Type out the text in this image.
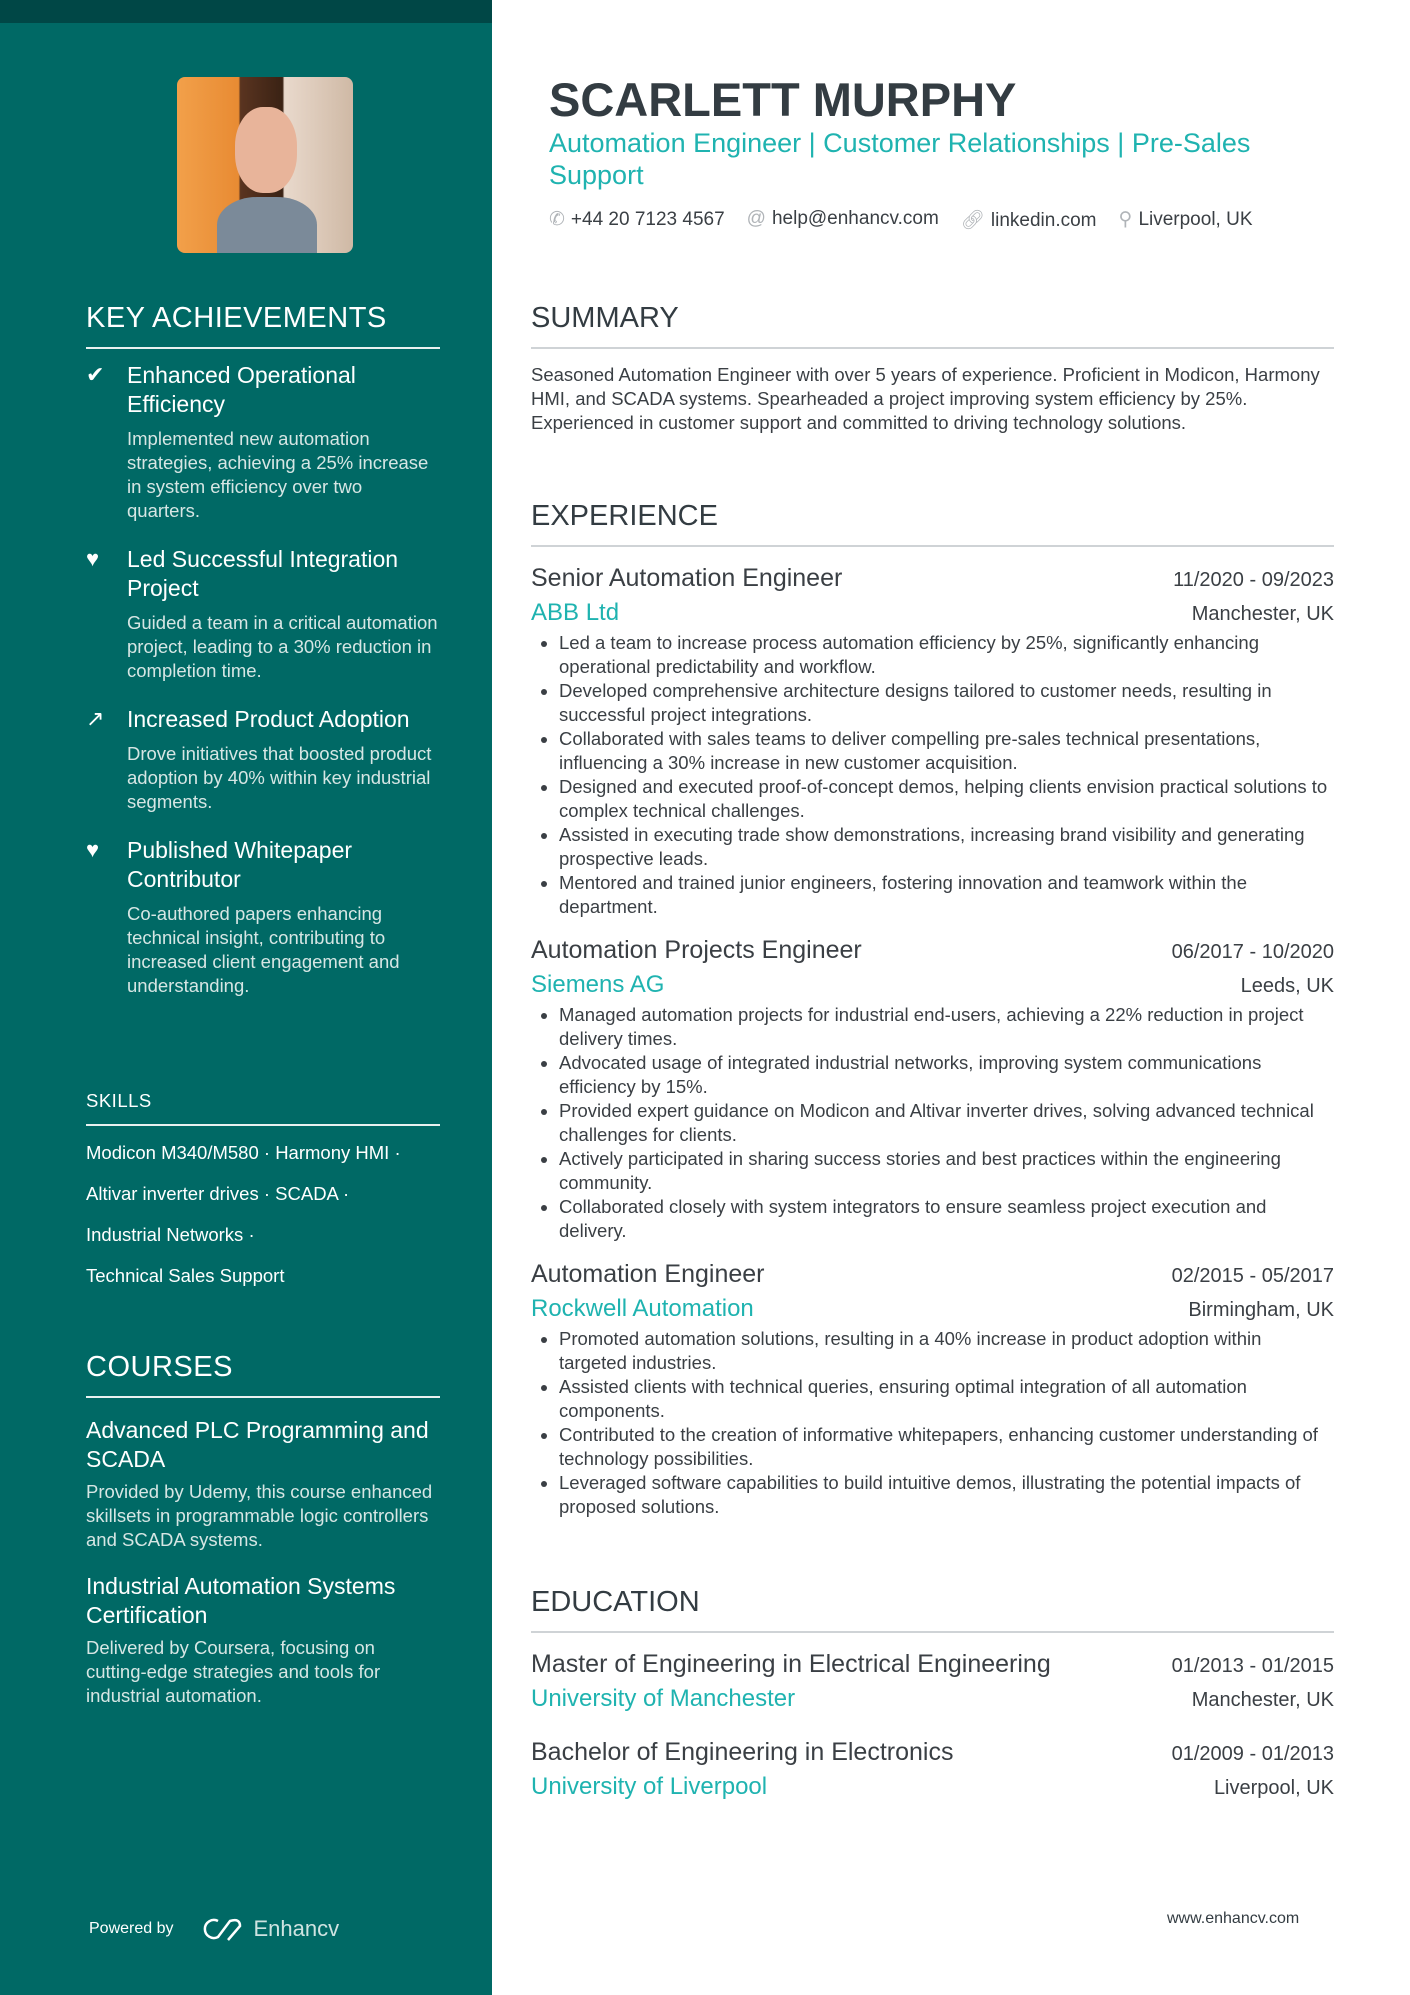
KEY ACHIEVEMENTS
✔ Enhanced Operational Efficiency
Implemented new automation strategies, achieving a 25% increase in system efficiency over two quarters.
♥	Led Successful Integration Project
Guided a team in a critical automation project, leading to a 30% reduction in completion time.
↗ Increased Product Adoption
Drove initiatives that boosted product adoption by 40% within key industrial segments.
♥	Published Whitepaper Contributor
Co-authored papers enhancing technical insight, contributing to increased client engagement and understanding.
SKILLS
Modicon M340/M580 · Harmony HMI ·
Altivar inverter drives · SCADA ·
Industrial Networks ·
Technical Sales Support
COURSES
Advanced PLC Programming and SCADA
Provided by Udemy, this course enhanced skillsets in programmable logic controllers and SCADA systems.
Industrial Automation Systems Certification
Delivered by Coursera, focusing on cutting-edge strategies and tools for industrial automation.
Powered by	Enhancv
SCARLETT MURPHY
Automation Engineer | Customer Relationships | Pre-Sales Support
✆ +44 20 7123 4567 @ help@enhancv.com 🔗︎ linkedin.com ⚲ Liverpool, UK
SUMMARY
Seasoned Automation Engineer with over 5 years of experience. Proficient in Modicon, Harmony HMI, and SCADA systems. Spearheaded a project improving system efficiency by 25%. Experienced in customer support and committed to driving technology solutions.
EXPERIENCE
Senior Automation Engineer	11/2020 - 09/2023
ABB Ltd	Manchester, UK
• Led a team to increase process automation efficiency by 25%, significantly enhancing operational predictability and workflow.
• Developed comprehensive architecture designs tailored to customer needs, resulting in successful project integrations.
• Collaborated with sales teams to deliver compelling pre-sales technical presentations, influencing a 30% increase in new customer acquisition.
• Designed and executed proof-of-concept demos, helping clients envision practical solutions to complex technical challenges.
• Assisted in executing trade show demonstrations, increasing brand visibility and generating prospective leads.
• Mentored and trained junior engineers, fostering innovation and teamwork within the department.
Automation Projects Engineer	06/2017 - 10/2020
Siemens AG	Leeds, UK
• Managed automation projects for industrial end-users, achieving a 22% reduction in project delivery times.
• Advocated usage of integrated industrial networks, improving system communications efficiency by 15%.
• Provided expert guidance on Modicon and Altivar inverter drives, solving advanced technical challenges for clients.
• Actively participated in sharing success stories and best practices within the engineering community.
• Collaborated closely with system integrators to ensure seamless project execution and delivery.
Automation Engineer	02/2015 - 05/2017
Rockwell Automation	Birmingham, UK
• Promoted automation solutions, resulting in a 40% increase in product adoption within targeted industries.
• Assisted clients with technical queries, ensuring optimal integration of all automation components.
• Contributed to the creation of informative whitepapers, enhancing customer understanding of technology possibilities.
• Leveraged software capabilities to build intuitive demos, illustrating the potential impacts of proposed solutions.
EDUCATION
Master of Engineering in Electrical Engineering	01/2013 - 01/2015
University of Manchester	Manchester, UK
Bachelor of Engineering in Electronics	01/2009 - 01/2013
University of Liverpool	Liverpool, UK
www.enhancv.com
